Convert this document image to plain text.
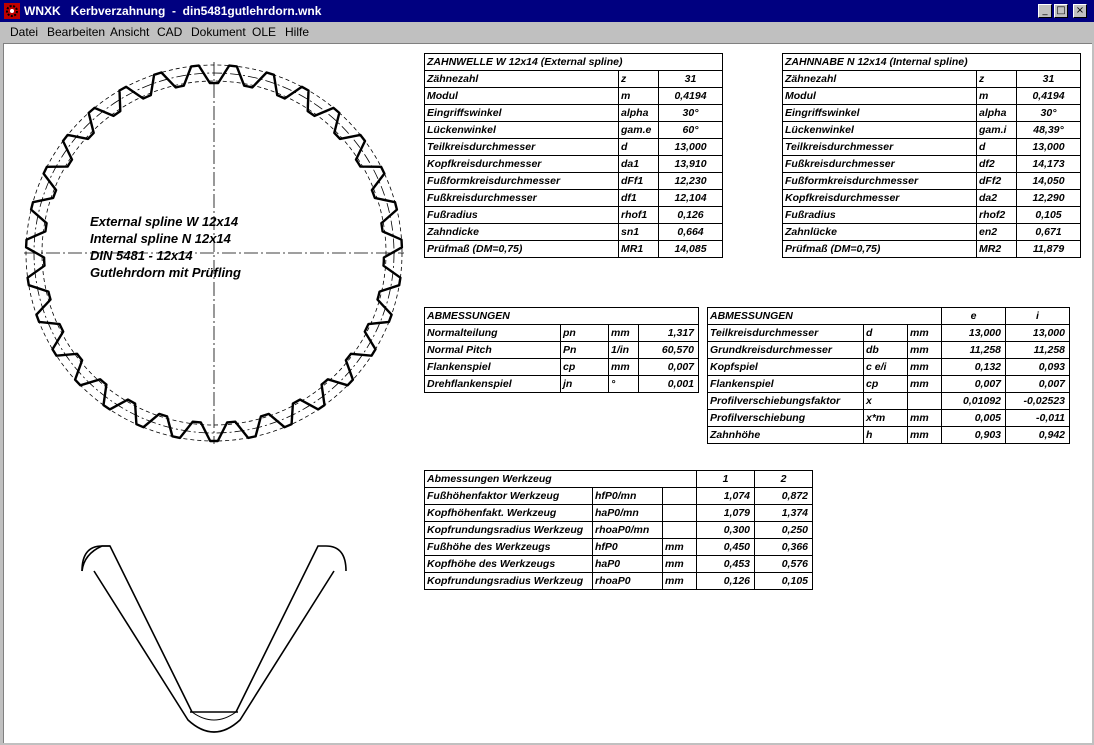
WNXK   Kerbverzahnung  -  din5481gutlehrdorn.wnk	_ □ ×
Datei Bearbeiten Ansicht CAD Dokument OLE Hilfe
External spline W 12x14
Internal spline N 12x14
DIN 5481 - 12x14
Gutlehrdorn mit Prüfling
ZAHNWELLE W 12x14 (External spline)		
Zähnezahl	z	31
Modul	m	0,4194
Eingriffswinkel	alpha	30°
Lückenwinkel	gam.e	60°
Teilkreisdurchmesser	d	13,000
Kopfkreisdurchmesser	da1	13,910
Fußformkreisdurchmesser	dFf1	12,230
Fußkreisdurchmesser	df1	12,104
Fußradius	rhof1	0,126
Zahndicke	sn1	0,664
Prüfmaß (DM=0,75)	MR1	14,085
ZAHNNABE N 12x14 (Internal spline)		
Zähnezahl	z	31
Modul	m	0,4194
Eingriffswinkel	alpha	30°
Lückenwinkel	gam.i	48,39°
Teilkreisdurchmesser	d	13,000
Fußkreisdurchmesser	df2	14,173
Fußformkreisdurchmesser	dFf2	14,050
Kopfkreisdurchmesser	da2	12,290
Fußradius	rhof2	0,105
Zahnlücke	en2	0,671
Prüfmaß (DM=0,75)	MR2	11,879
ABMESSUNGEN			
Normalteilung	pn	mm	1,317
Normal Pitch	Pn	1/in	60,570
Flankenspiel	cp	mm	0,007
Drehflankenspiel	jn	°	0,001
ABMESSUNGEN			e	i
Teilkreisdurchmesser	d	mm	13,000	13,000
Grundkreisdurchmesser	db	mm	11,258	11,258
Kopfspiel	c e/i	mm	0,132	0,093
Flankenspiel	cp	mm	0,007	0,007
Profilverschiebungsfaktor	x		0,01092	-0,02523
Profilverschiebung	x*m	mm	0,005	-0,011
Zahnhöhe	h	mm	0,903	0,942
Abmessungen Werkzeug			1	2
Fußhöhenfaktor Werkzeug	hfP0/mn		1,074	0,872
Kopfhöhenfakt. Werkzeug	haP0/mn		1,079	1,374
Kopfrundungsradius Werkzeug	rhoaP0/mn		0,300	0,250
Fußhöhe des Werkzeugs	hfP0	mm	0,450	0,366
Kopfhöhe des Werkzeugs	haP0	mm	0,453	0,576
Kopfrundungsradius Werkzeug	rhoaP0	mm	0,126	0,105
